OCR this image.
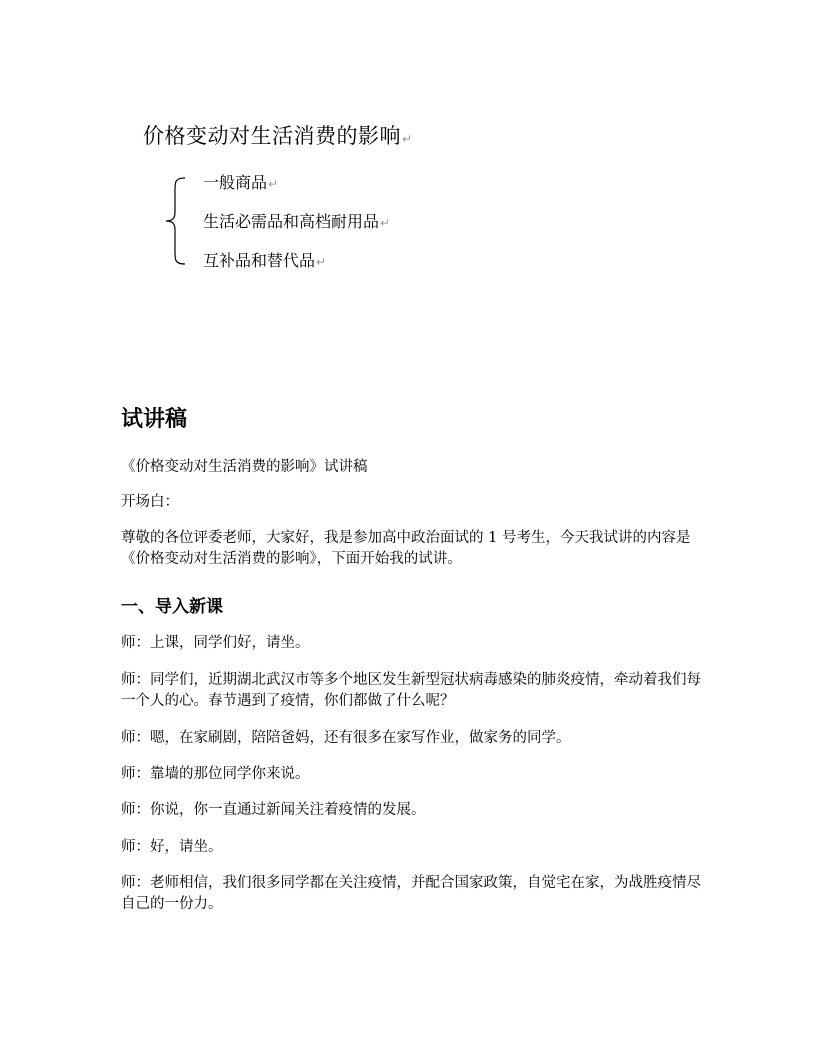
价格变动对生活消费的影响↵
一般商品↵
生活必需品和高档耐用品↵
互补品和替代品↵
试讲稿
《价格变动对生活消费的影响》试讲稿
开场白：
尊敬的各位评委老师，大家好，我是参加高中政治面试的 1 号考生，今天我试讲的内容是《价格变动对生活消费的影响》，下面开始我的试讲。
一、导入新课
师：上课，同学们好，请坐。
师：同学们，近期湖北武汉市等多个地区发生新型冠状病毒感染的肺炎疫情，牵动着我们每一个人的心。春节遇到了疫情，你们都做了什么呢？
师：嗯，在家刷剧，陪陪爸妈，还有很多在家写作业，做家务的同学。
师：靠墙的那位同学你来说。
师：你说，你一直通过新闻关注着疫情的发展。
师：好，请坐。
师：老师相信，我们很多同学都在关注疫情，并配合国家政策，自觉宅在家，为战胜疫情尽自己的一份力。
